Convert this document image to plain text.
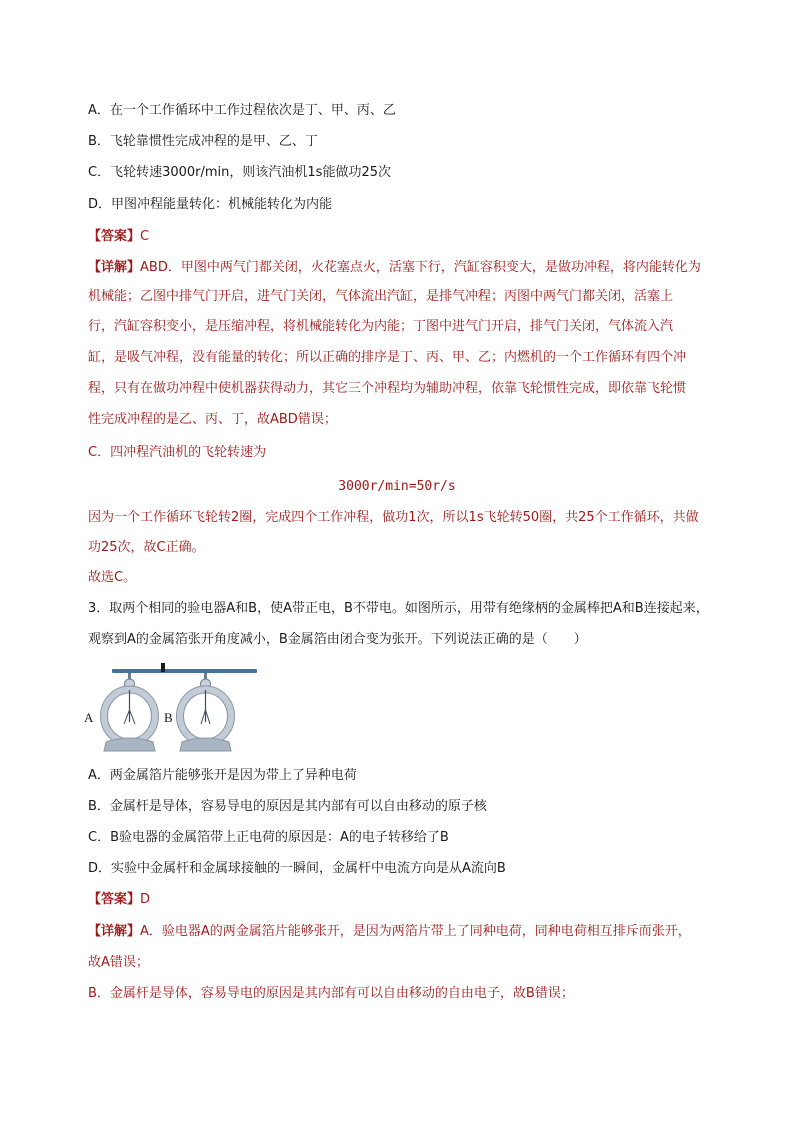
A．在一个工作循环中工作过程依次是丁、甲、丙、乙
B．飞轮靠惯性完成冲程的是甲、乙、丁
C．飞轮转速3000r/min，则该汽油机1s能做功25次
D．甲图冲程能量转化：机械能转化为内能
【答案】C
【详解】ABD．甲图中两气门都关闭，火花塞点火，活塞下行，汽缸容积变大，是做功冲程，将内能转化为
机械能；乙图中排气门开启，进气门关闭，气体流出汽缸，是排气冲程；丙图中两气门都关闭，活塞上
行，汽缸容积变小，是压缩冲程，将机械能转化为内能；丁图中进气门开启，排气门关闭，气体流入汽
缸，是吸气冲程，没有能量的转化；所以正确的排序是丁、丙、甲、乙；内燃机的一个工作循环有四个冲
程，只有在做功冲程中使机器获得动力，其它三个冲程均为辅助冲程，依靠飞轮惯性完成，即依靠飞轮惯
性完成冲程的是乙、丙、丁，故ABD错误；
C．四冲程汽油机的飞轮转速为
3000r/min=50r/s
因为一个工作循环飞轮转2圈，完成四个工作冲程，做功1次，所以1s飞轮转50圈，共25个工作循环，共做
功25次，故C正确。
故选C。
3．取两个相同的验电器A和B，使A带正电，B不带电。如图所示，用带有绝缘柄的金属棒把A和B连接起来，
观察到A的金属箔张开角度减小，B金属箔由闭合变为张开。下列说法正确的是（　　）
A	B
A．两金属箔片能够张开是因为带上了异种电荷
B．金属杆是导体，容易导电的原因是其内部有可以自由移动的原子核
C．B验电器的金属箔带上正电荷的原因是：A的电子转移给了B
D．实验中金属杆和金属球接触的一瞬间，金属杆中电流方向是从A流向B
【答案】D
【详解】A．验电器A的两金属箔片能够张开，是因为两箔片带上了同种电荷，同种电荷相互排斥而张开，
故A错误；
B．金属杆是导体，容易导电的原因是其内部有可以自由移动的自由电子，故B错误；
